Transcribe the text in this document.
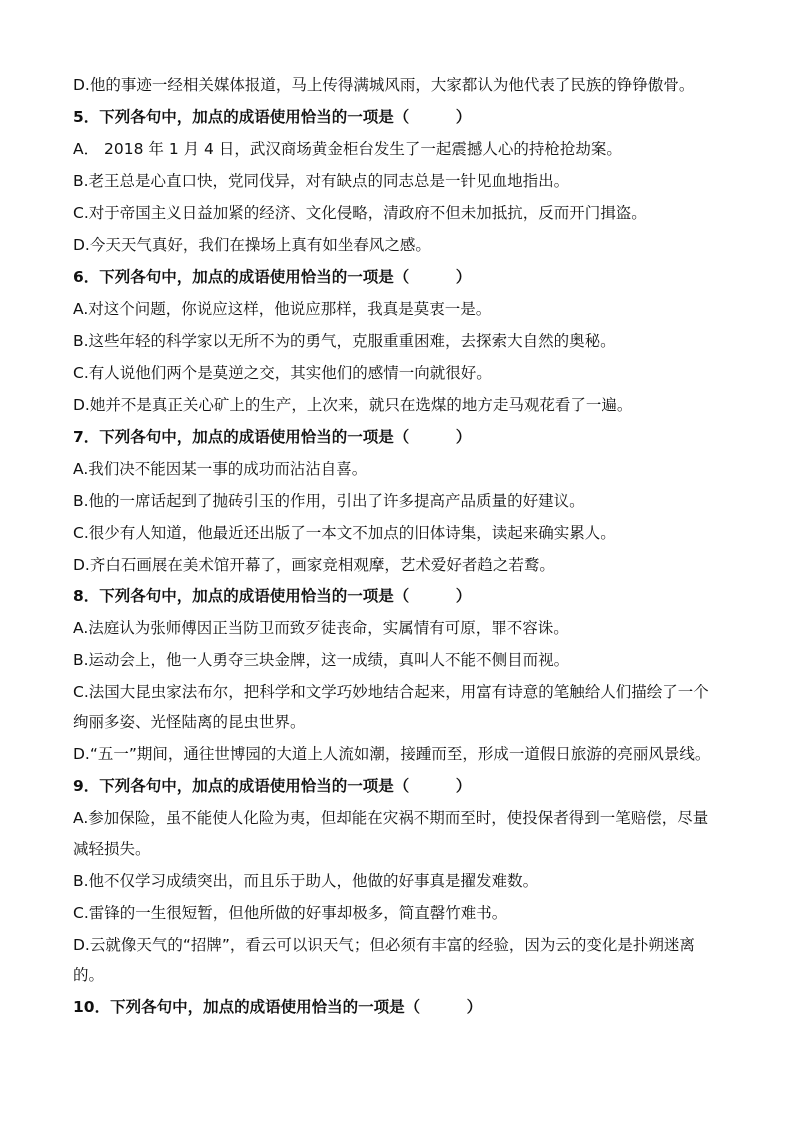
D.他的事迹一经相关媒体报道，马上传得满城风雨，大家都认为他代表了民族的铮铮傲骨。
5．下列各句中，加点的成语使用恰当的一项是（　　　）
A． 2018 年 1 月 4 日，武汉商场黄金柜台发生了一起震撼人心的持枪抢劫案。
B.老王总是心直口快，党同伐异，对有缺点的同志总是一针见血地指出。
C.对于帝国主义日益加紧的经济、文化侵略，清政府不但未加抵抗，反而开门揖盗。
D.今天天气真好，我们在操场上真有如坐春风之感。
6．下列各句中，加点的成语使用恰当的一项是（　　　）
A.对这个问题，你说应这样，他说应那样，我真是莫衷一是。
B.这些年轻的科学家以无所不为的勇气，克服重重困难，去探索大自然的奥秘。
C.有人说他们两个是莫逆之交，其实他们的感情一向就很好。
D.她并不是真正关心矿上的生产，上次来，就只在选煤的地方走马观花看了一遍。
7．下列各句中，加点的成语使用恰当的一项是（　　　）
A.我们决不能因某一事的成功而沾沾自喜。
B.他的一席话起到了抛砖引玉的作用，引出了许多提高产品质量的好建议。
C.很少有人知道，他最近还出版了一本文不加点的旧体诗集，读起来确实累人。
D.齐白石画展在美术馆开幕了，画家竞相观摩，艺术爱好者趋之若鹜。
8．下列各句中，加点的成语使用恰当的一项是（　　　）
A.法庭认为张师傅因正当防卫而致歹徒丧命，实属情有可原，罪不容诛。
B.运动会上，他一人勇夺三块金牌，这一成绩，真叫人不能不侧目而视。
C.法国大昆虫家法布尔，把科学和文学巧妙地结合起来，用富有诗意的笔触给人们描绘了一个
绚丽多姿、光怪陆离的昆虫世界。
D.“五一”期间，通往世博园的大道上人流如潮，接踵而至，形成一道假日旅游的亮丽风景线。
9．下列各句中，加点的成语使用恰当的一项是（　　　）
A.参加保险，虽不能使人化险为夷，但却能在灾祸不期而至时，使投保者得到一笔赔偿，尽量
减轻损失。
B.他不仅学习成绩突出，而且乐于助人，他做的好事真是擢发难数。
C.雷锋的一生很短暂，但他所做的好事却极多，简直罄竹难书。
D.云就像天气的“招牌”，看云可以识天气；但必须有丰富的经验，因为云的变化是扑朔迷离
的。
10．下列各句中，加点的成语使用恰当的一项是（　　　）
